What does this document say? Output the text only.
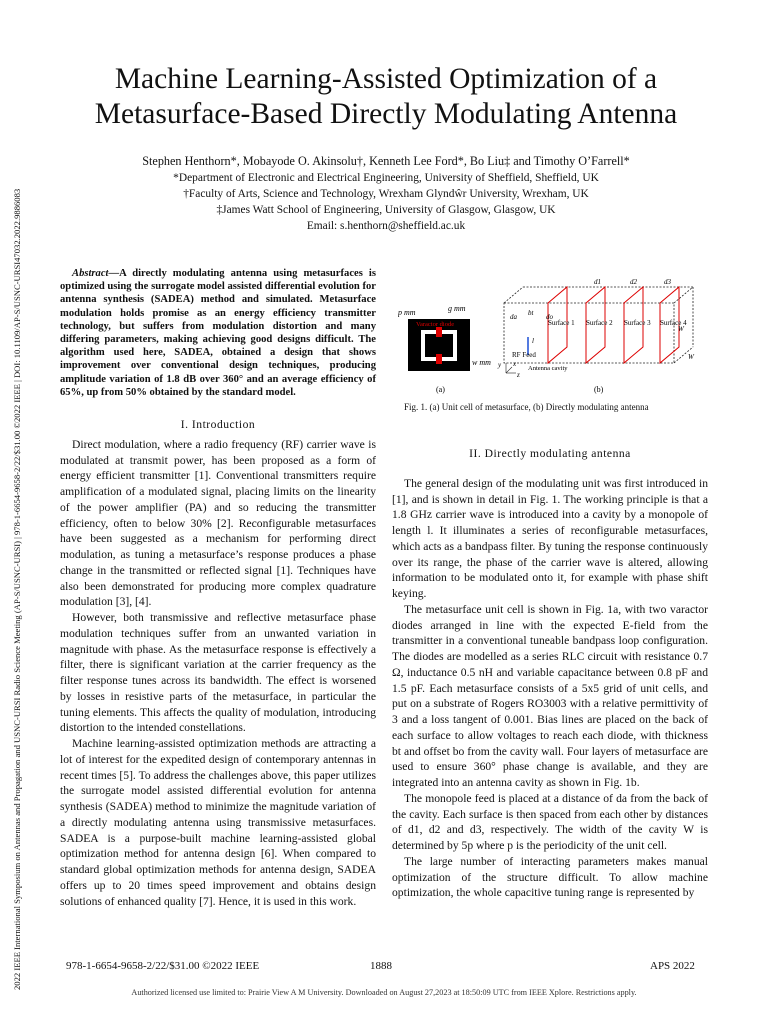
2022 IEEE International Symposium on Antennas and Propagation and USNC-URSI Radio Science Meeting (AP-S/USNC-URSI) | 978-1-6654-9658-2/22/$31.00 ©2022 IEEE | DOI: 10.1109/AP-S/USNC-URSI47032.2022.9886083
Machine Learning-Assisted Optimization of a
Metasurface-Based Directly Modulating Antenna
Stephen Henthorn*, Mobayode O. Akinsolu†, Kenneth Lee Ford*, Bo Liu‡ and Timothy O’Farrell*
*Department of Electronic and Electrical Engineering, University of Sheffield, Sheffield, UK
†Faculty of Arts, Science and Technology, Wrexham Glyndŵr University, Wrexham, UK
‡James Watt School of Engineering, University of Glasgow, Glasgow, UK
Email: s.henthorn@sheffield.ac.uk
Abstract—A directly modulating antenna using metasurfaces is optimized using the surrogate model assisted differential evolution for antenna synthesis (SADEA) method and simulated. Metasurface modulation holds promise as an energy efficiency transmitter technology, but suffers from modulation distortion and many differing parameters, making achieving good designs difficult. The algorithm used here, SADEA, obtained a design that shows improvement over conventional design techniques, producing amplitude variation of 1.8 dB over 360° and an average efficiency of 65%, up from 50% obtained by the standard model.
I. Introduction

Direct modulation, where a radio frequency (RF) carrier wave is modulated at transmit power, has been proposed as a form of energy efficient transmitter [1]. Conventional transmitters require amplification of a modulated signal, placing limits on the linearity of the power amplifier (PA) and so reducing the transmitter efficiency, often to below 30% [2]. Reconfigurable metasurfaces have been suggested as a mechanism for performing direct modulation, as tuning a metasurface’s response produces a phase change in the transmitted or reflected signal [1]. Techniques have also been demonstrated for producing more complex quadrature modulation [3], [4].

However, both transmissive and reflective metasurface phase modulation techniques suffer from an unwanted variation in magnitude with phase. As the metasurface response is effectively a filter, there is significant variation at the carrier frequency as the filter response tunes across its bandwidth. The effect is worsened by losses in resistive parts of the metasurface, in particular the tuning elements. This affects the quality of modulation, introducing distortion to the intended constellations.

Machine learning-assisted optimization methods are attracting a lot of interest for the expedited design of contemporary antennas in recent times [5]. To address the challenges above, this paper utilizes the surrogate model assisted differential evolution for antenna synthesis (SADEA) method to minimize the magnitude variation of a directly modulating antenna using transmissive metasurfaces. SADEA is a purpose-built machine learning-assisted global optimization method for antenna design [6]. When compared to standard global optimization methods for antenna design, SADEA offers up to 20 times speed improvement and obtains design solutions of enhanced quality [7]. Hence, it is used in this work.

p mm	g mm
Varactor diode
w mm
(a)
Surface 1 Surface 2 Surface 3 Surface 4
d1	d2	d3
da	do
bt
l
RF Feed
Antenna cavity
W
W
y x
z
(b)
Fig. 1. (a) Unit cell of metasurface, (b) Directly modulating antenna
II. Directly modulating antenna

The general design of the modulating unit was first introduced in [1], and is shown in detail in Fig. 1. The working principle is that a 1.8 GHz carrier wave is introduced into a cavity by a monopole of length l. It illuminates a series of reconfigurable metasurfaces, which acts as a bandpass filter. By tuning the response continuously over its range, the phase of the carrier wave is altered, allowing information to be modulated onto it, for example with phase shift keying.

The metasurface unit cell is shown in Fig. 1a, with two varactor diodes arranged in line with the expected E-field from the transmitter in a conventional tuneable bandpass loop configuration. The diodes are modelled as a series RLC circuit with resistance 0.7 Ω, inductance 0.5 nH and variable capacitance between 0.8 pF and 1.5 pF. Each metasurface consists of a 5x5 grid of unit cells, and put on a substrate of Rogers RO3003 with a relative permittivity of 3 and a loss tangent of 0.001. Bias lines are placed on the back of each surface to allow voltages to reach each diode, with thickness bt and offset bo from the cavity wall. Four layers of metasurface are used to ensure 360° phase change is available, and they are integrated into an antenna cavity as shown in Fig. 1b.

The monopole feed is placed at a distance of da from the back of the cavity. Each surface is then spaced from each other by distances of d1, d2 and d3, respectively. The width of the cavity W is determined by 5p where p is the periodicity of the unit cell.

The large number of interacting parameters makes manual optimization of the structure difficult. To allow machine optimization, the whole capacitive tuning range is represented by

978-1-6654-9658-2/22/$31.00 ©2022 IEEE	1888	APS 2022
Authorized licensed use limited to: Prairie View A M University. Downloaded on August 27,2023 at 18:50:09 UTC from IEEE Xplore. Restrictions apply.
